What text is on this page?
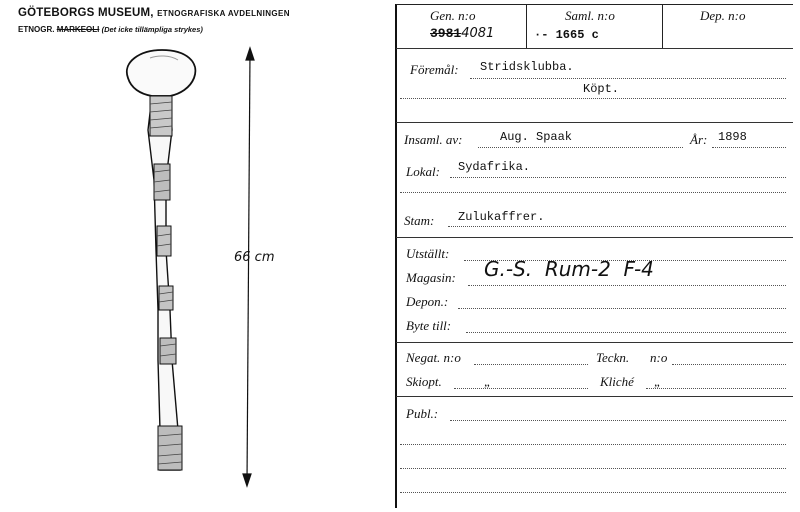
GÖTEBORGS MUSEUM, ETNOGRAFISKA AVDELNINGEN
ETNOGR. MARKEOLI (Det icke tillämpliga strykes)
66 cm
Gen. n:o
39814081
Saml. n:o
·- 1665 c
Dep. n:o
Föremål: Stridsklubba.
Köpt.
Insaml. av:	Aug. Spaak	År: 1898
Lokal: Sydafrika.
Stam: Zulukaffrer.
Utställt:
Magasin: G.-S.  Rum-2  F-4
Depon.:
Byte till:
Negat. n:o	Teckn. n:o
Skiopt.	„	Kliché „
Publ.:
